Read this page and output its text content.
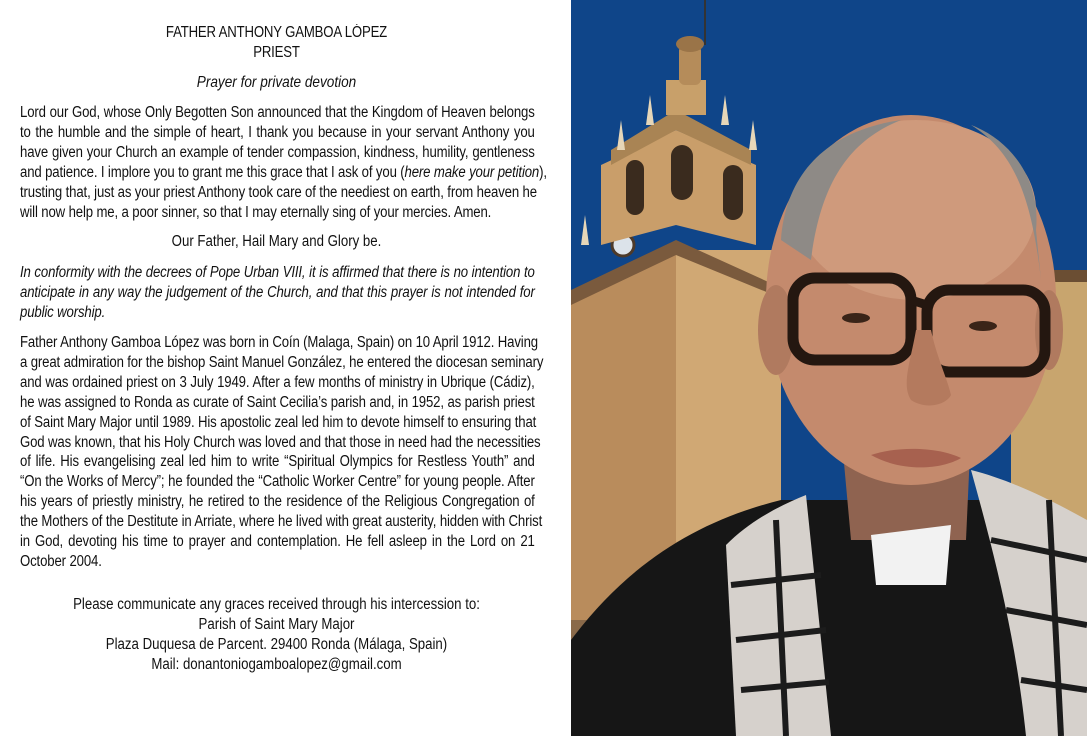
FATHER ANTHONY GAMBOA LÓPEZ
PRIEST
Prayer for private devotion
Lord our God, whose Only Begotten Son announced that the Kingdom of Heaven belongs
to the humble and the simple of heart, I thank you because in your servant Anthony you
have given your Church an example of tender compassion, kindness, humility, gentleness
and patience. I implore you to grant me this grace that I ask of you (here make your petition),
trusting that, just as your priest Anthony took care of the neediest on earth, from heaven he
will now help me, a poor sinner, so that I may eternally sing of your mercies. Amen.
Our Father, Hail Mary and Glory be.
In conformity with the decrees of Pope Urban VIII, it is affirmed that there is no intention to
anticipate in any way the judgement of the Church, and that this prayer is not intended for
public worship.
Father Anthony Gamboa López was born in Coín (Malaga, Spain) on 10 April 1912. Having
a great admiration for the bishop Saint Manuel González, he entered the diocesan seminary
and was ordained priest on 3 July 1949. After a few months of ministry in Ubrique (Cádiz),
he was assigned to Ronda as curate of Saint Cecilia’s parish and, in 1952, as parish priest
of Saint Mary Major until 1989. His apostolic zeal led him to devote himself to ensuring that
God was known, that his Holy Church was loved and that those in need had the necessities
of life. His evangelising zeal led him to write “Spiritual Olympics for Restless Youth” and
“On the Works of Mercy”; he founded the “Catholic Worker Centre” for young people. After
his years of priestly ministry, he retired to the residence of the Religious Congregation of
the Mothers of the Destitute in Arriate, where he lived with great austerity, hidden with Christ
in God, devoting his time to prayer and contemplation. He fell asleep in the Lord on 21
October 2004.
Please communicate any graces received through his intercession to:
Parish of Saint Mary Major
Plaza Duquesa de Parcent. 29400 Ronda (Málaga, Spain)
Mail: donantoniogamboalopez@gmail.com
